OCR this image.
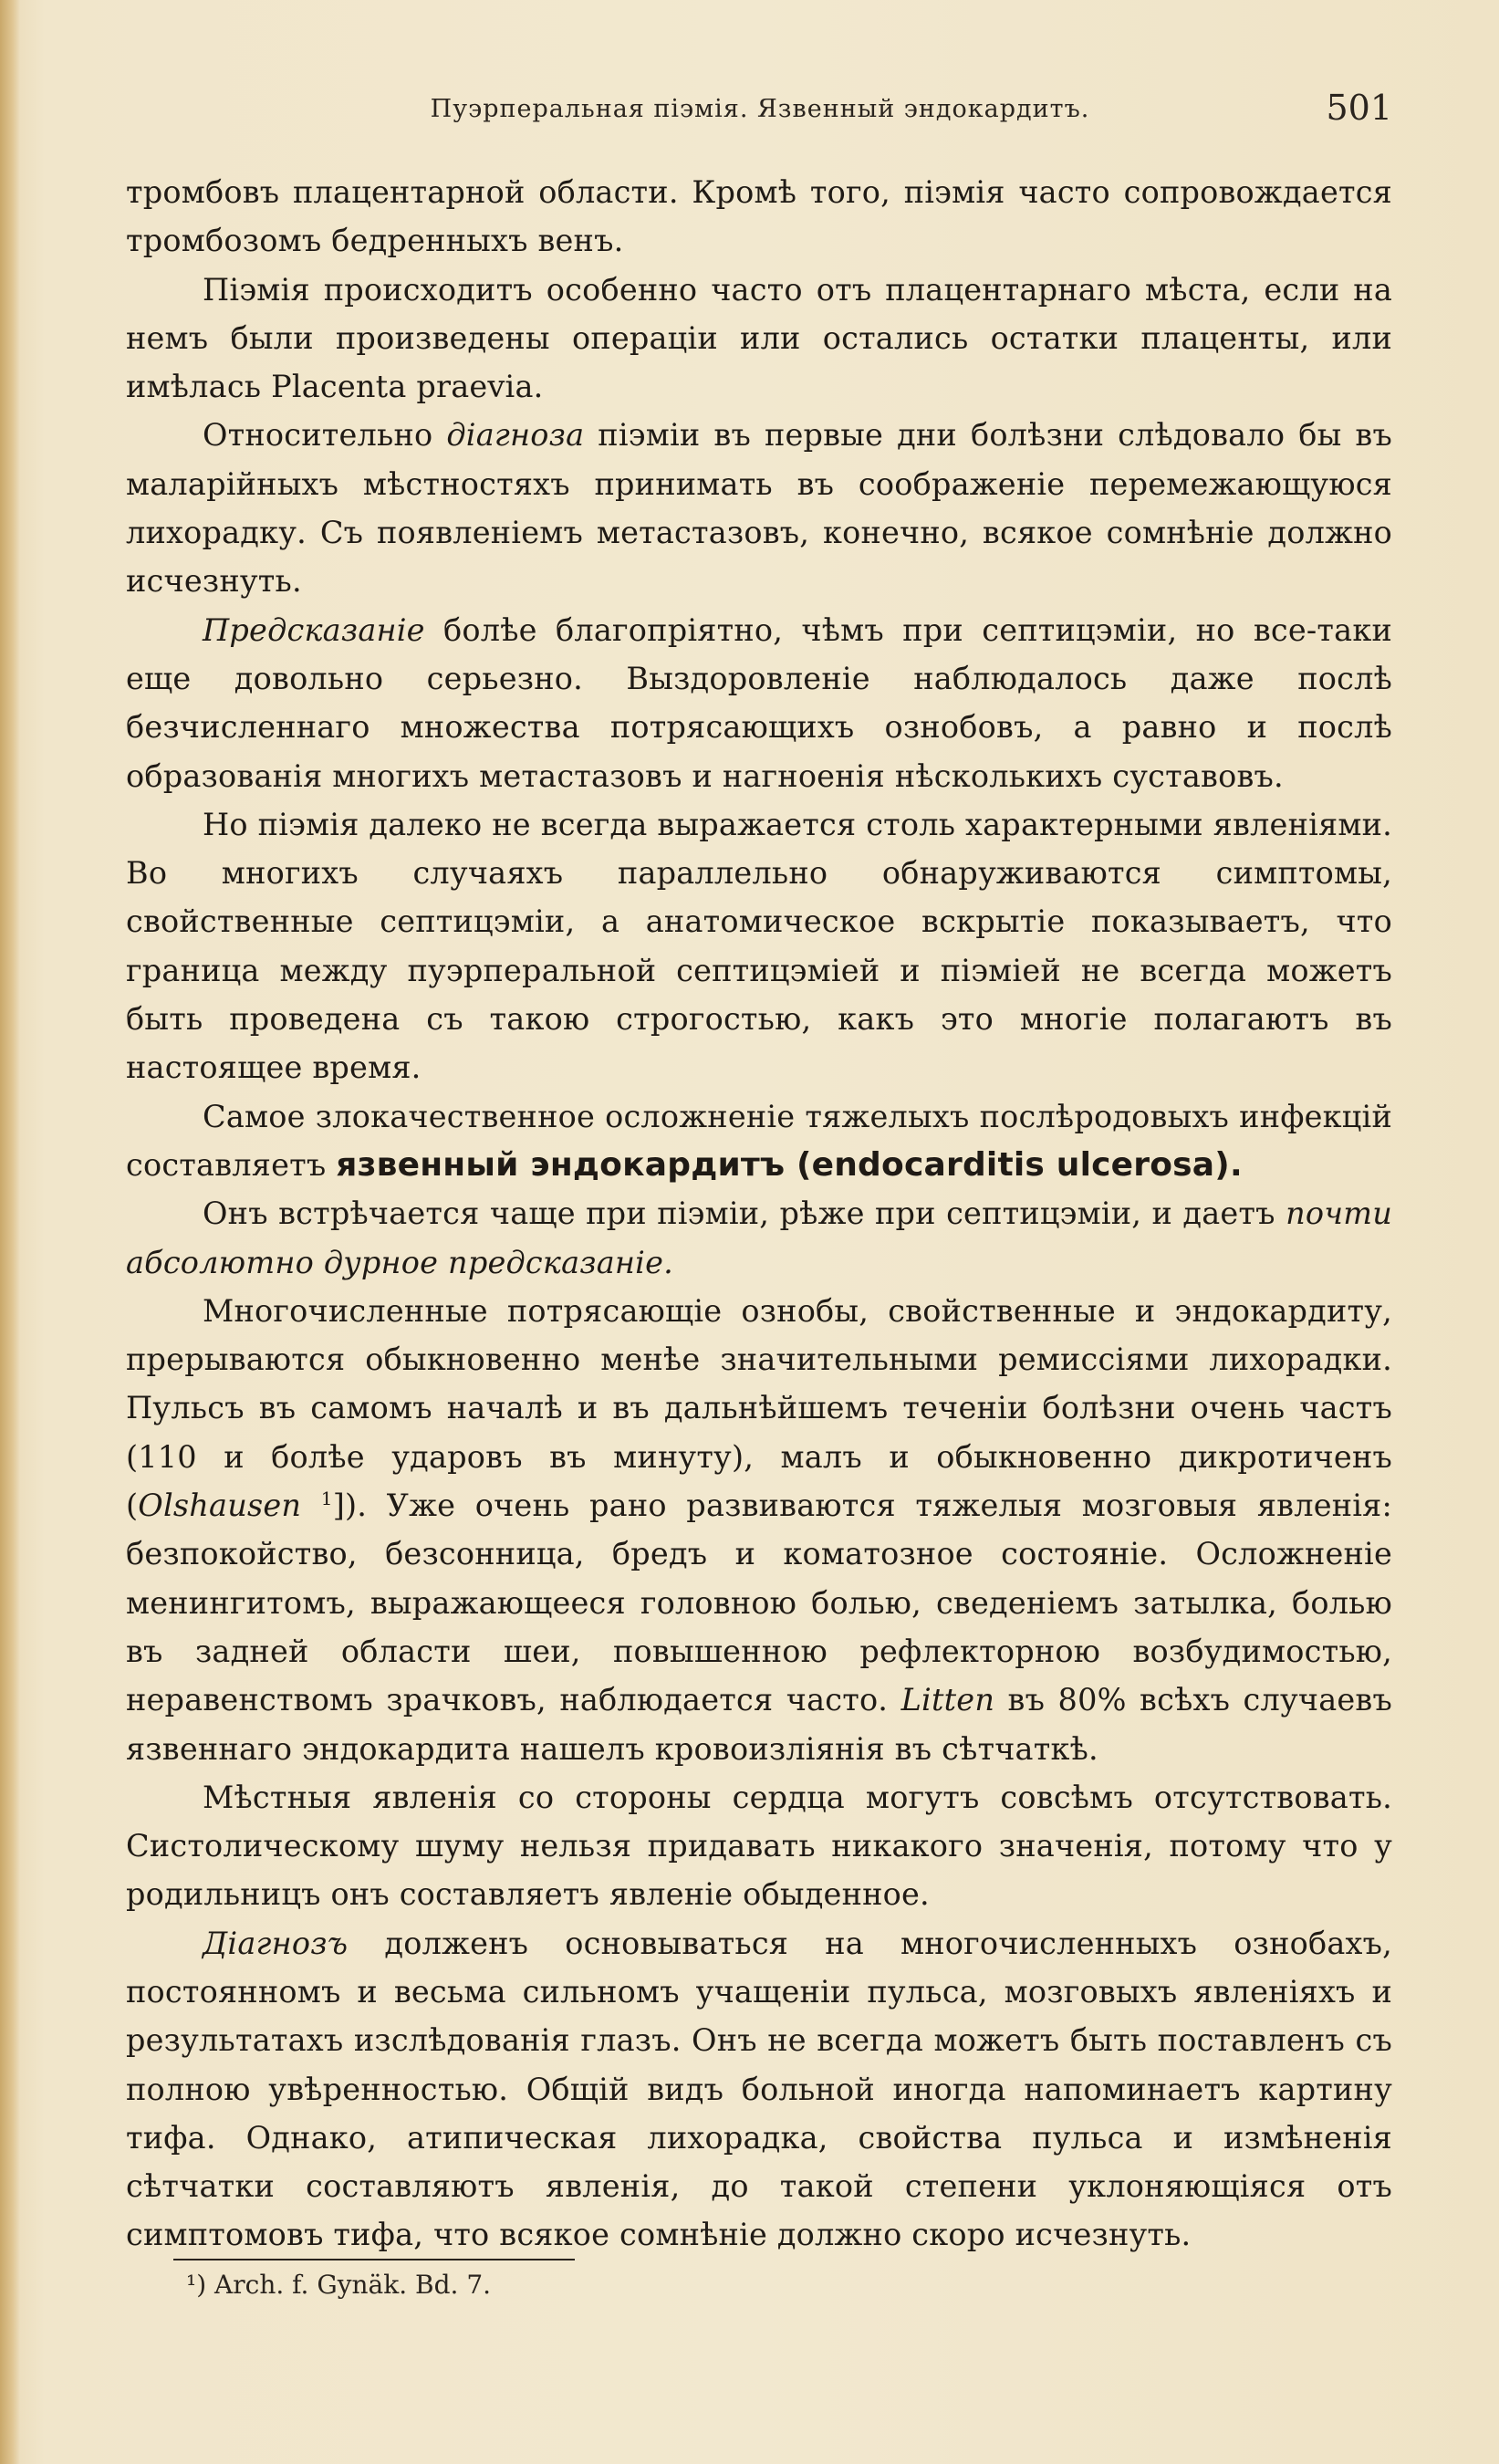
Пуэрперальная піэмія. Язвенный эндокардитъ.	501

тромбовъ плацентарной области. Кромѣ того, піэмія часто сопровождается тромбозомъ бедренныхъ венъ.

Піэмія происходитъ особенно часто отъ плацентарнаго мѣста, если на немъ были произведены операціи или остались остатки плаценты, или имѣлась Placenta praevia.

Относительно діагноза піэміи въ первые дни болѣзни слѣдовало бы въ маларійныхъ мѣстностяхъ принимать въ соображеніе перемежающуюся лихорадку. Съ появленіемъ метастазовъ, конечно, всякое сомнѣніе должно исчезнуть.

Предсказаніе болѣе благопріятно, чѣмъ при септицэміи, но все-таки еще довольно серьезно. Выздоровленіе наблюдалось даже послѣ безчисленнаго множества потрясающихъ ознобовъ, а равно и послѣ образованія многихъ метастазовъ и нагноенія нѣсколькихъ суставовъ.

Но піэмія далеко не всегда выражается столь характерными явленіями. Во многихъ случаяхъ параллельно обнаруживаются симптомы, свойственные септицэміи, а анатомическое вскрытіе показываетъ, что граница между пуэрперальной септицэміей и піэміей не всегда можетъ быть проведена съ такою строгостью, какъ это многіе полагаютъ въ настоящее время.

Самое злокачественное осложненіе тяжелыхъ послѣродовыхъ инфекцій составляетъ язвенный эндокардитъ (endocarditis ulcerosa).

Онъ встрѣчается чаще при піэміи, рѣже при септицэміи, и даетъ почти абсолютно дурное предсказаніе.

Многочисленные потрясающіе ознобы, свойственные и эндокардиту, прерываются обыкновенно менѣе значительными ремиссіями лихорадки. Пульсъ въ самомъ началѣ и въ дальнѣйшемъ теченіи болѣзни очень частъ (110 и болѣе ударовъ въ минуту), малъ и обыкновенно дикротиченъ (Olshausen $^1$]). Уже очень рано развиваются тяжелыя мозговыя явленія: безпокойство, безсонница, бредъ и коматозное состояніе. Осложненіе менингитомъ, выражающееся головною болью, сведеніемъ затылка, болью въ задней области шеи, повышенною рефлекторною возбудимостью, неравенствомъ зрачковъ, наблюдается часто. Litten въ 80% всѣхъ случаевъ язвеннаго эндокардита нашелъ кровоизліянія въ сѣтчаткѣ.

Мѣстныя явленія со стороны сердца могутъ совсѣмъ отсутствовать. Систолическому шуму нельзя придавать никакого значенія, потому что у родильницъ онъ составляетъ явленіе обыденное.

Діагнозъ долженъ основываться на многочисленныхъ ознобахъ, постоянномъ и весьма сильномъ учащеніи пульса, мозговыхъ явленіяхъ и результатахъ изслѣдованія глазъ. Онъ не всегда можетъ быть поставленъ съ полною увѣренностью. Общій видъ больной иногда напоминаетъ картину тифа. Однако, атипическая лихорадка, свойства пульса и измѣненія сѣтчатки составляютъ явленія, до такой степени уклоняющіяся отъ симптомовъ тифа, что всякое сомнѣніе должно скоро исчезнуть.

¹) Arch. f. Gynäk. Bd. 7.
